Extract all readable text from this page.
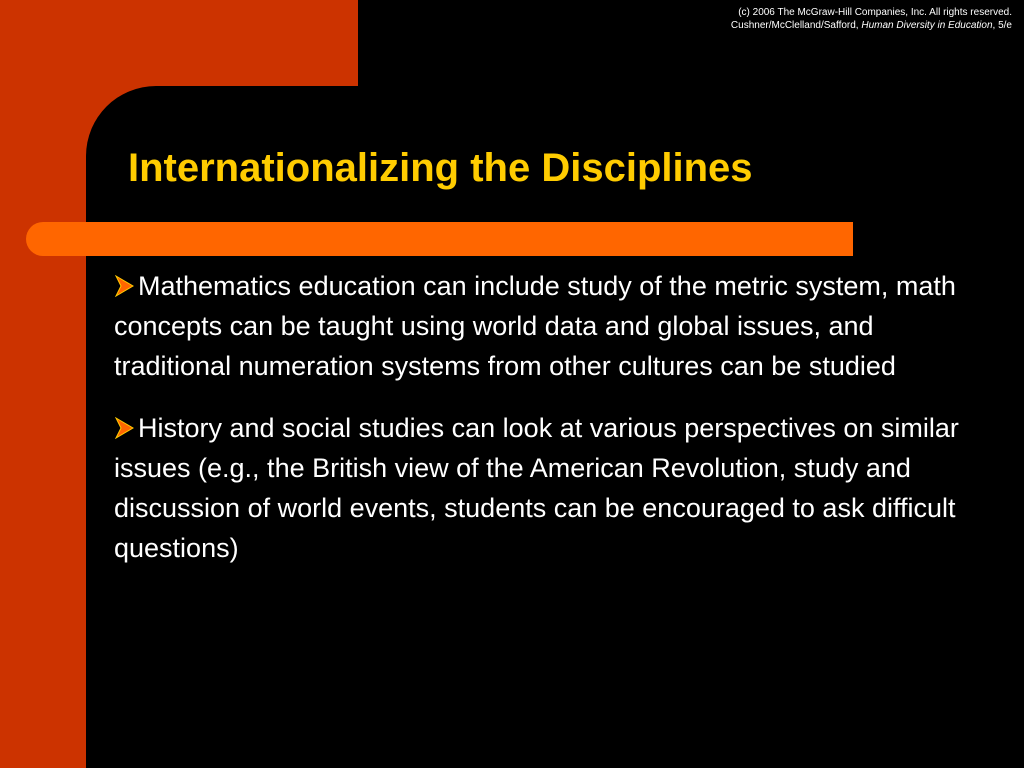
(c) 2006 The McGraw-Hill Companies, Inc. All rights reserved.
Cushner/McClelland/Safford, Human Diversity in Education, 5/e
Internationalizing the Disciplines
Mathematics education can include study of the metric system, math concepts can be taught using world data and global issues, and traditional numeration systems from other cultures can be studied
History and social studies can look at various perspectives on similar issues (e.g., the British view of the American Revolution, study and discussion of world events, students can be encouraged to ask difficult questions)
